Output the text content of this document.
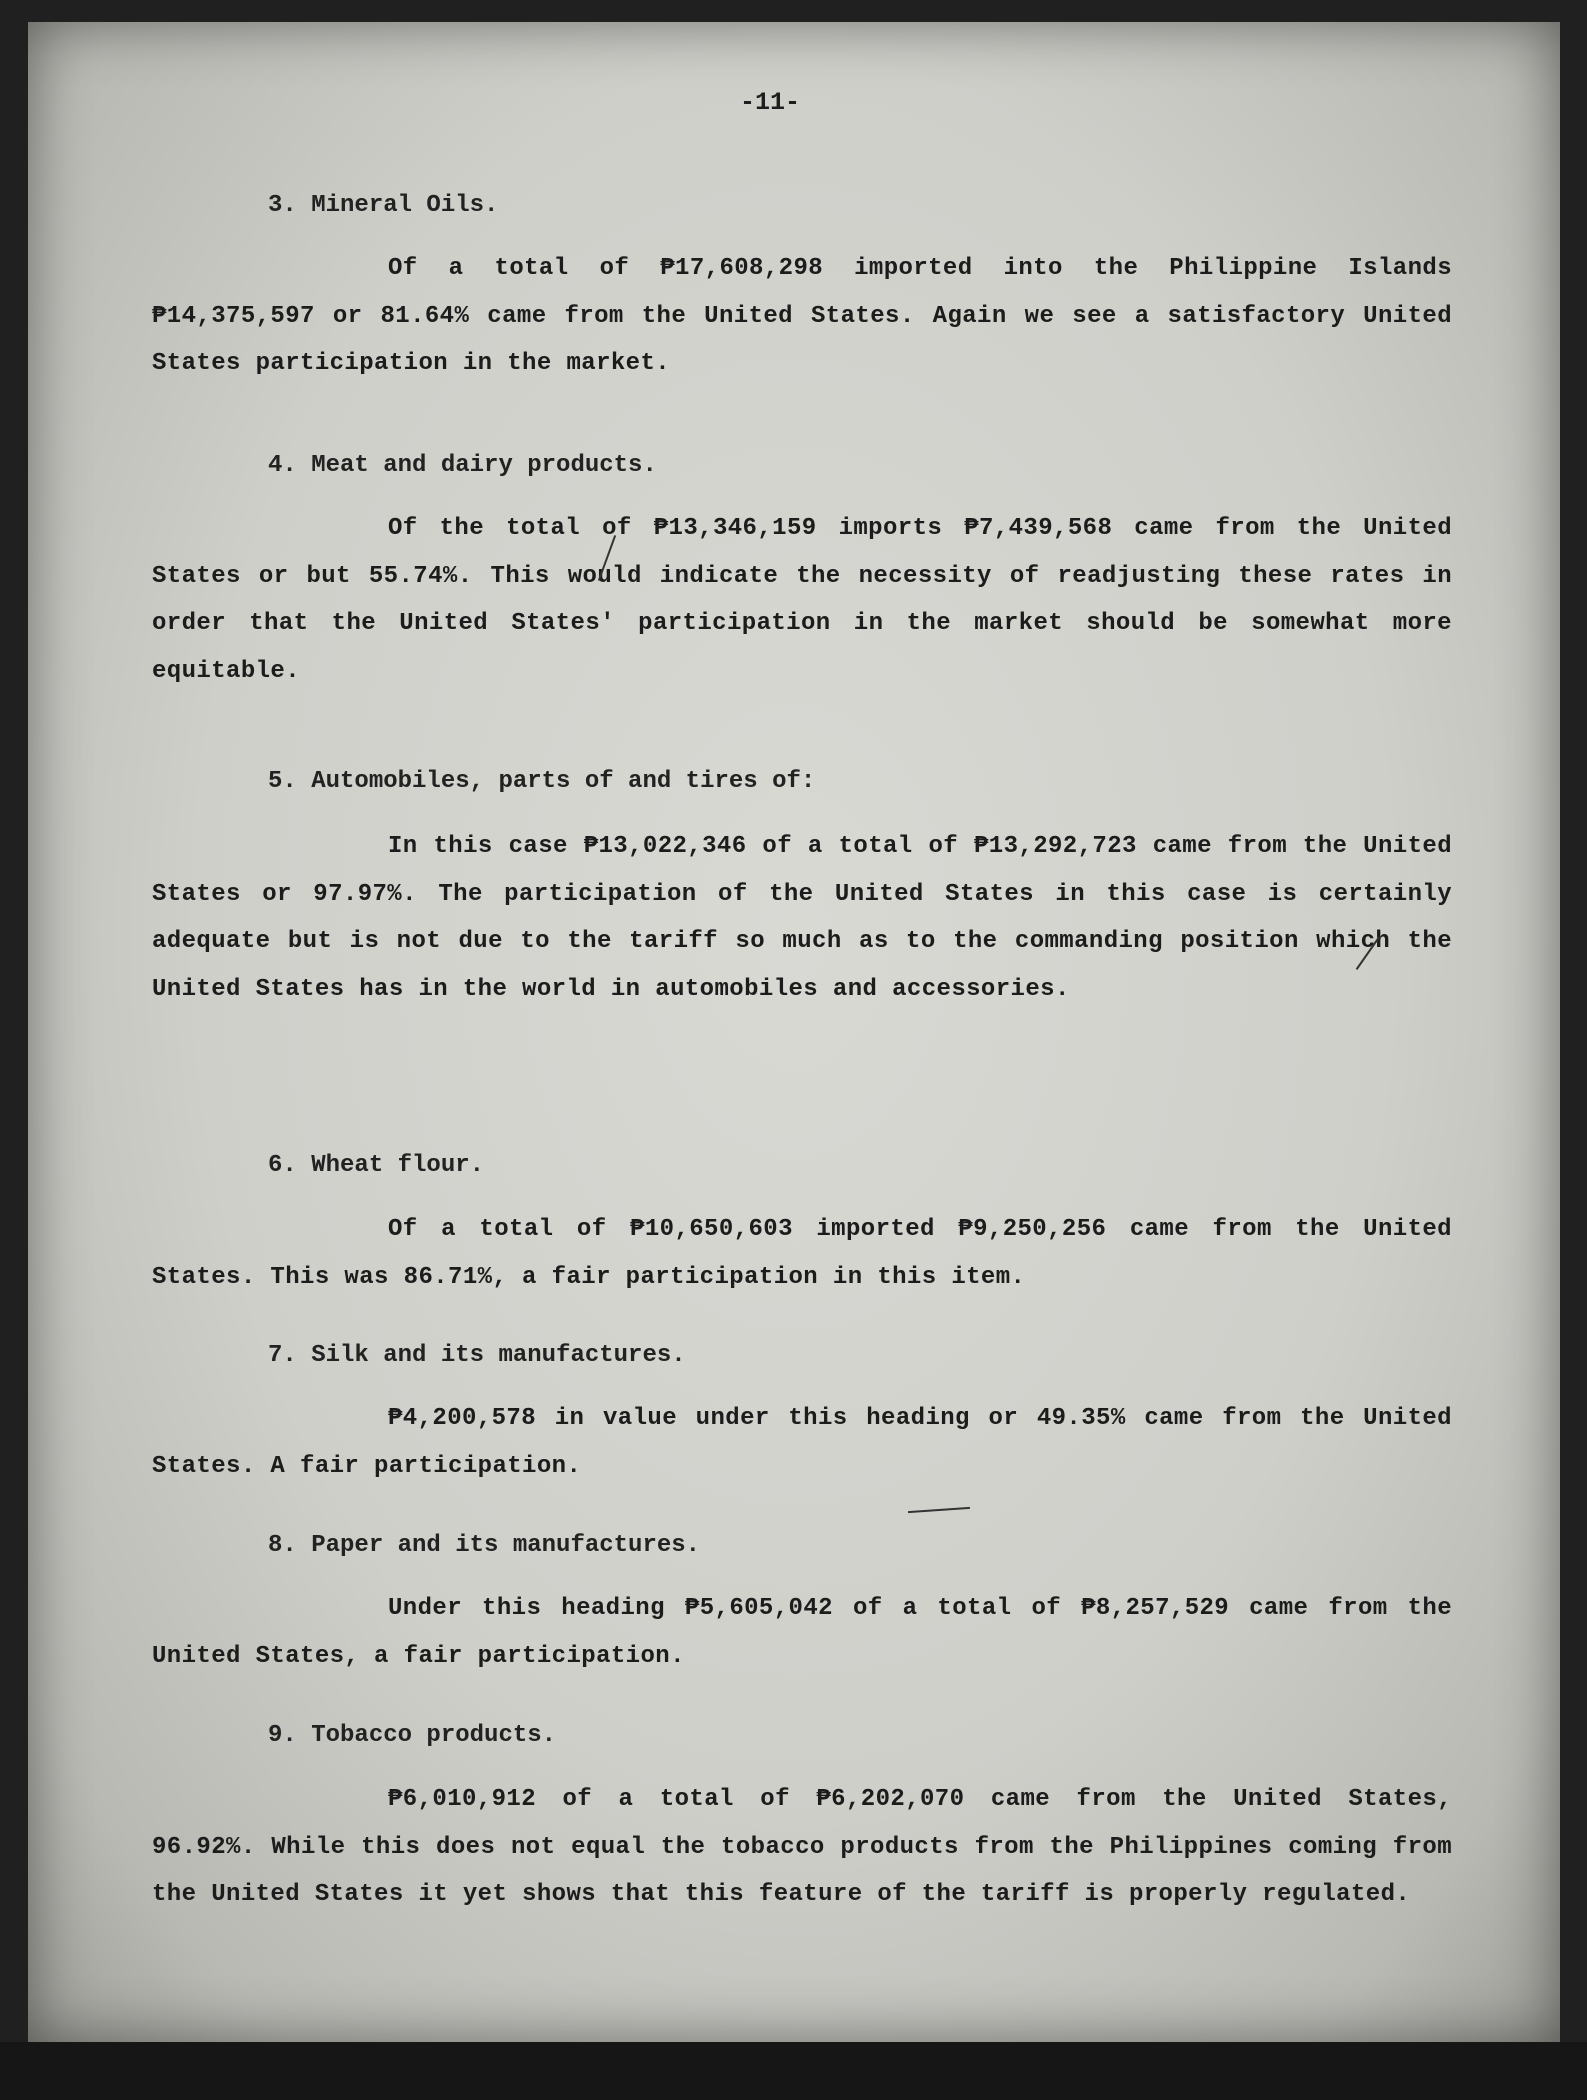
-11-
3. Mineral Oils.
Of a total of ₱17,608,298 imported into the Philippine Islands ₱14,375,597 or 81.64% came from the United States. Again we see a satisfactory United States participation in the market.
4. Meat and dairy products.
Of the total of ₱13,346,159 imports ₱7,439,568 came from the United States or but 55.74%. This would indicate the necessity of readjusting these rates in order that the United States' participation in the market should be somewhat more equitable.
5. Automobiles, parts of and tires of:
In this case ₱13,022,346 of a total of ₱13,292,723 came from the United States or 97.97%. The participation of the United States in this case is certainly adequate but is not due to the tariff so much as to the commanding position which the United States has in the world in automobiles and accessories.
6. Wheat flour.
Of a total of ₱10,650,603 imported ₱9,250,256 came from the United States. This was 86.71%, a fair participation in this item.
7. Silk and its manufactures.
₱4,200,578 in value under this heading or 49.35% came from the United States. A fair participation.
8. Paper and its manufactures.
Under this heading ₱5,605,042 of a total of ₱8,257,529 came from the United States, a fair participation.
9. Tobacco products.
₱6,010,912 of a total of ₱6,202,070 came from the United States, 96.92%. While this does not equal the tobacco products from the Philippines coming from the United States it yet shows that this feature of the tariff is properly regulated.
